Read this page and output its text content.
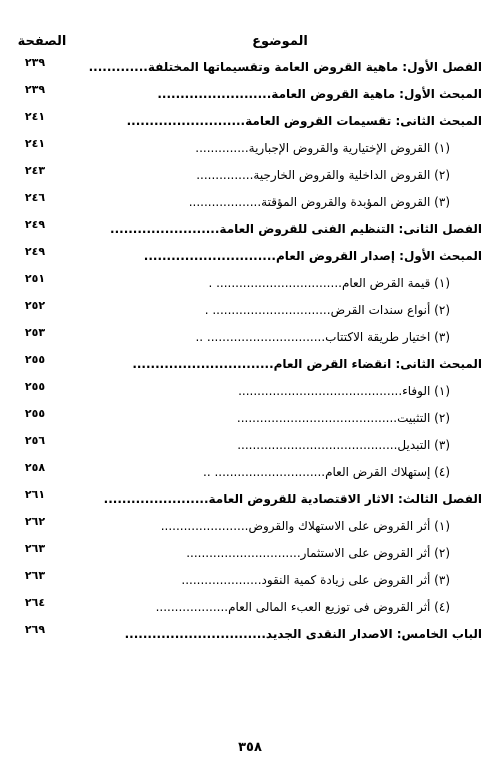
الموضوع
الصفحة
الفصل الأول: ماهية القروض العامة وتقسيماتها المختلفة.............
٢٣٩
المبحث الأول: ماهية القروض العامة.........................
٢٣٩
المبحث الثانى: تقسيمات القروض العامة..........................
٢٤١
(١) القروض الإختيارية والقروض الإجبارية..............
٢٤١
(٢) القروض الداخلية والقروض الخارجية...............
٢٤٣
(٣) القروض المؤبدة والقروض المؤقتة...................
٢٤٦
الفصل الثانى: التنظيم الفنى للقروض العامة........................
٢٤٩
المبحث الأول: إصدار القروض العام.............................
٢٤٩
(١) قيمة القرض العام................................. .
٢٥١
(٢) أنواع سندات القرض............................... .
٢٥٢
(٣) اختيار طريقة الاكتتاب............................... ..
٢٥٣
المبحث الثانى: انقضاء القرض العام...............................
٢٥٥
(١) الوفاء...........................................
٢٥٥
(٢) التثبيت..........................................
٢٥٥
(٣) التبديل..........................................
٢٥٦
(٤) إستهلاك القرض العام............................. ..
٢٥٨
الفصل الثالث: الاثار الاقتصادية للقروض العامة.......................
٢٦١
(١) أثر القروض على الاستهلاك والقروض.......................
٢٦٢
(٢) أثر القروض على الاستثمار..............................
٢٦٣
(٣) أثر القروض على زيادة كمية النقود.....................
٢٦٣
(٤) أثر القروض فى توزيع العبء المالى العام...................
٢٦٤
الباب الخامس: الاصدار النقدى الجديد...............................
٢٦٩
٣٥٨
